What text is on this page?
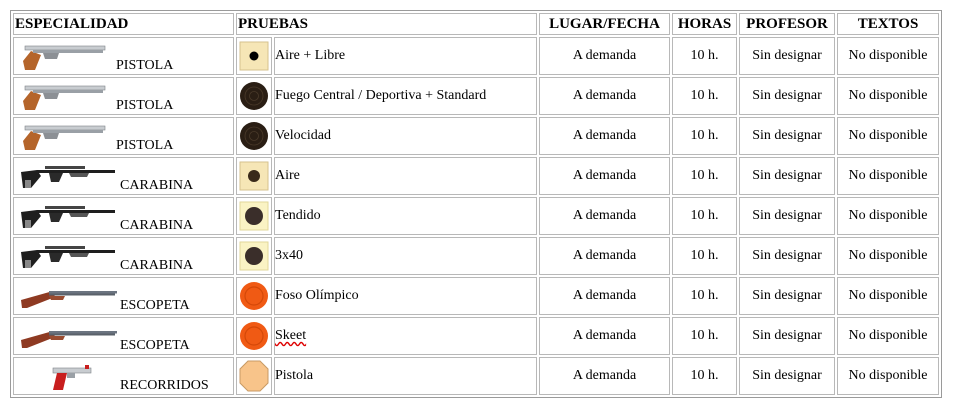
ESPECIALIDAD	PRUEBAS		LUGAR/FECHA	HORAS	PROFESOR	TEXTOS

PISTOLA		Aire + Libre	A demanda	10 h.	Sin designar	No disponible

PISTOLA		Fuego Central / Deportiva + Standard	A demanda	10 h.	Sin designar	No disponible

PISTOLA		Velocidad	A demanda	10 h.	Sin designar	No disponible

CARABINA		Aire	A demanda	10 h.	Sin designar	No disponible

CARABINA		Tendido	A demanda	10 h.	Sin designar	No disponible

CARABINA		3x40	A demanda	10 h.	Sin designar	No disponible

ESCOPETA		Foso Olímpico	A demanda	10 h.	Sin designar	No disponible

ESCOPETA		Skeet	A demanda	10 h.	Sin designar	No disponible

RECORRIDOS		Pistola	A demanda	10 h.	Sin designar	No disponible
